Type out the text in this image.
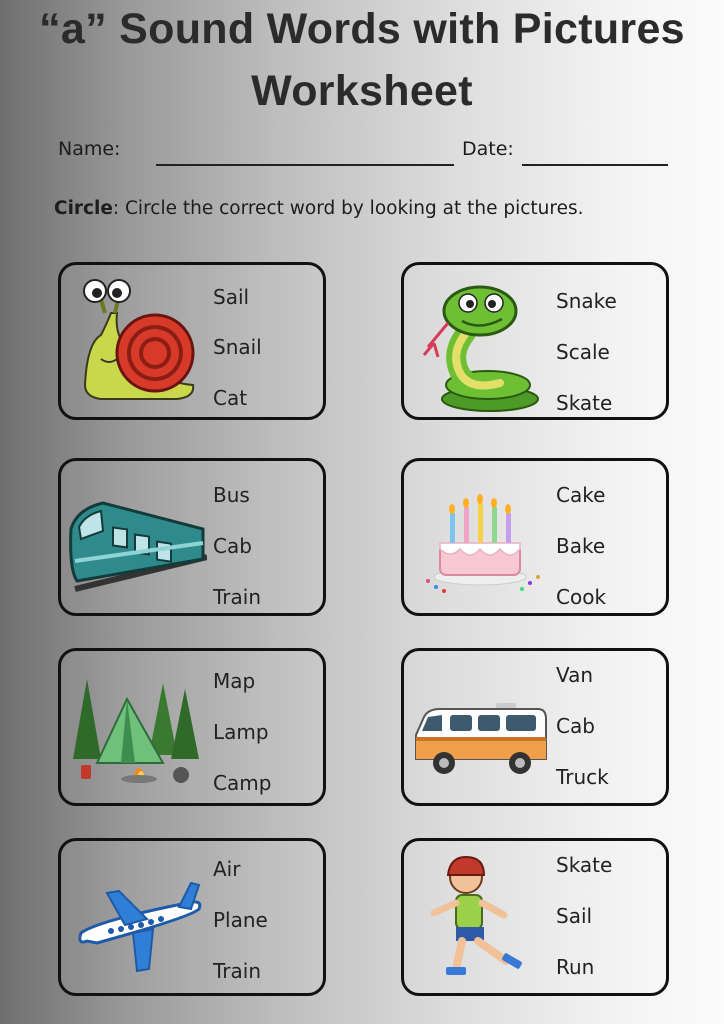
“a” Sound Words with Pictures
Worksheet
Name:	Date:
Circle: Circle the correct word by looking at the pictures.
Sail
Snail
Cat
Snake
Scale
Skate
Bus
Cab
Train
Cake
Bake
Cook
Map
Lamp
Camp
Van
Cab
Truck
Air
Plane
Train
Skate
Sail
Run
